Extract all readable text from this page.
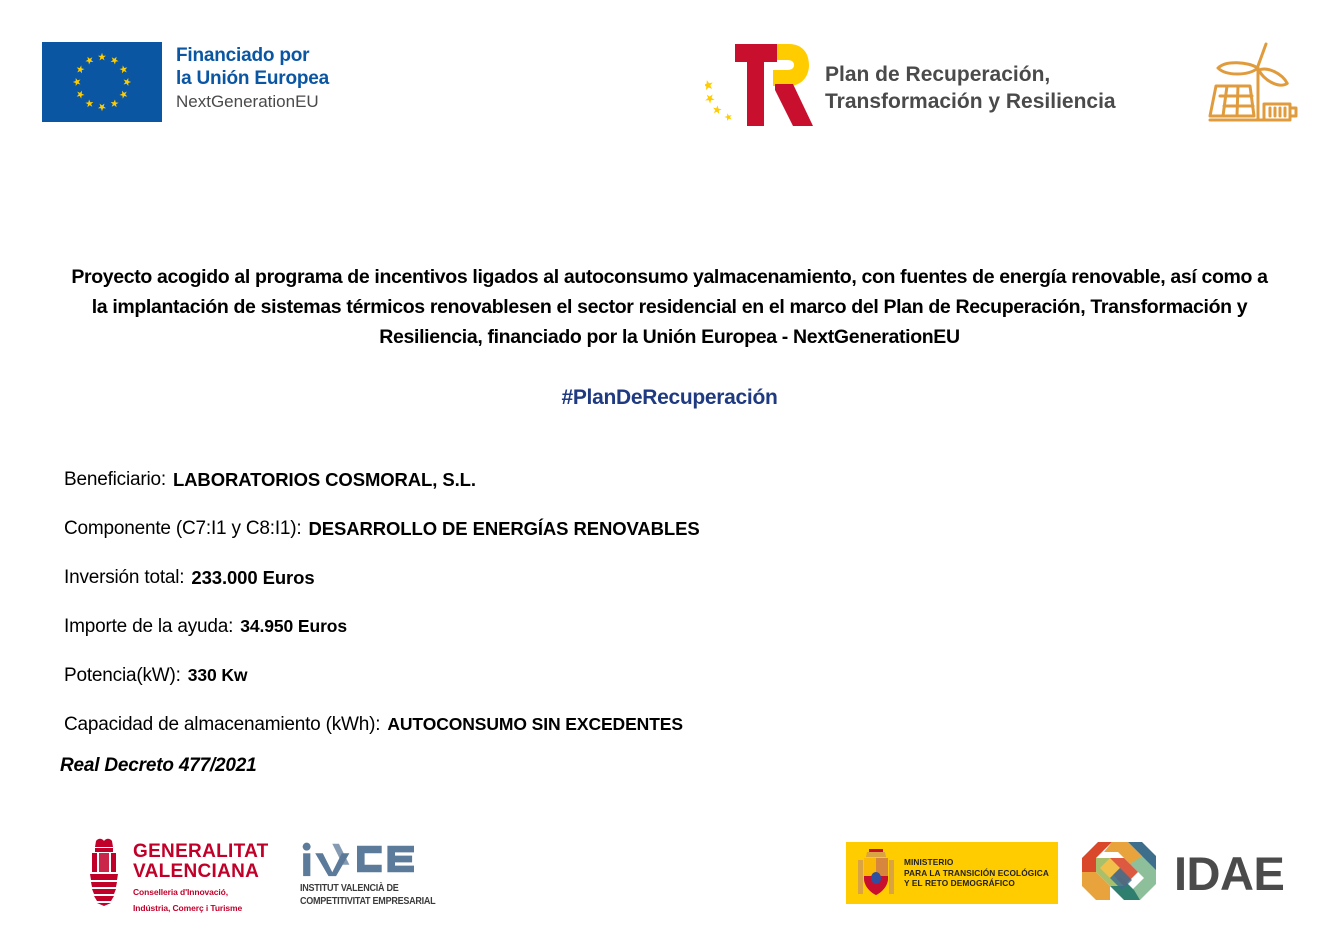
Financiado por
la Unión Europea
NextGenerationEU
Plan de Recuperación,
Transformación y Resiliencia
Proyecto acogido al programa de incentivos ligados al autoconsumo yalmacenamiento, con fuentes de energía renovable, así como a la implantación de sistemas térmicos renovablesen el sector residencial en el marco del Plan de Recuperación, Transformación y Resiliencia, financiado por la Unión Europea - NextGenerationEU
#PlanDeRecuperación
Beneficiario: LABORATORIOS COSMORAL, S.L.
Componente (C7:I1 y C8:I1): DESARROLLO DE ENERGÍAS RENOVABLES
Inversión total: 233.000 Euros
Importe de la ayuda: 34.950 Euros
Potencia(kW): 330 Kw
Capacidad de almacenamiento (kWh): AUTOCONSUMO SIN EXCEDENTES
Real Decreto 477/2021
GENERALITAT
VALENCIANA
Conselleria d'Innovació,
Indústria, Comerç i Turisme
INSTITUT VALENCIÀ DE
COMPETITIVITAT EMPRESARIAL
MINISTERIO
PARA LA TRANSICIÓN ECOLÓGICA
Y EL RETO DEMOGRÁFICO	IDAE
